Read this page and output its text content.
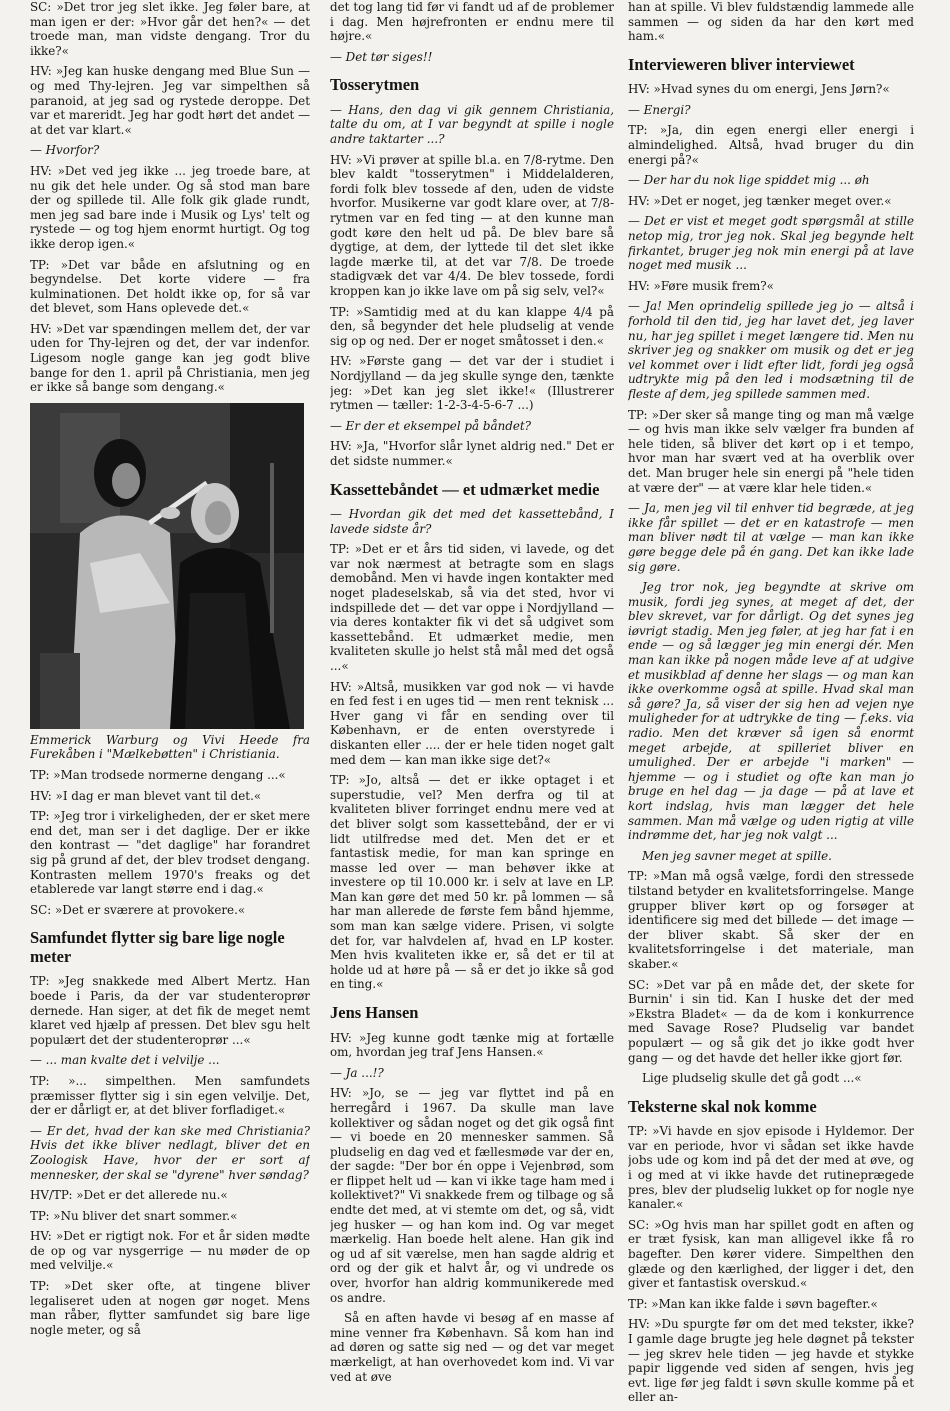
SC: »Det tror jeg slet ikke. Jeg føler bare, at man igen er der: »Hvor går det hen?« — det troede man, man vidste dengang. Tror du ikke?«

HV: »Jeg kan huske dengang med Blue Sun — og med Thy-lejren. Jeg var simpelthen så paranoid, at jeg sad og rystede deroppe. Det var et mareridt. Jeg har godt hørt det andet — at det var klart.«

— Hvorfor?

HV: »Det ved jeg ikke ... jeg troede bare, at nu gik det hele under. Og så stod man bare der og spillede til. Alle folk gik glade rundt, men jeg sad bare inde i Musik og Lys' telt og rystede — og tog hjem enormt hurtigt. Og tog ikke derop igen.«

TP: »Det var både en afslutning og en begyndelse. Det korte videre — fra kulminationen. Det holdt ikke op, for så var det blevet, som Hans oplevede det.«

HV: »Det var spændingen mellem det, der var uden for Thy-lejren og det, der var indenfor. Ligesom nogle gange kan jeg godt blive bange for den 1. april på Christiania, men jeg er ikke så bange som dengang.«

Emmerick Warburg og Vivi Heede fra Furekåben i "Mælkebøtten" i Christiania.

TP: »Man trodsede normerne dengang ...«

HV: »I dag er man blevet vant til det.«

TP: »Jeg tror i virkeligheden, der er sket mere end det, man ser i det daglige. Der er ikke den kontrast — "det daglige" har forandret sig på grund af det, der blev trodset dengang. Kontrasten mellem 1970's freaks og det etablerede var langt større end i dag.«

SC: »Det er sværere at provokere.«

Samfundet flytter sig bare lige nogle meter

TP: »Jeg snakkede med Albert Mertz. Han boede i Paris, da der var studenteroprør dernede. Han siger, at det fik de meget nemt klaret ved hjælp af pressen. Det blev sgu helt populært det der studenteroprør ...«

— ... man kvalte det i velvilje ...

TP: »... simpelthen. Men samfundets præmisser flytter sig i sin egen velvilje. Det, der er dårligt er, at det bliver forfladiget.«

— Er det, hvad der kan ske med Christiania? Hvis det ikke bliver nedlagt, bliver det en Zoologisk Have, hvor der er sort af mennesker, der skal se "dyrene" hver søndag?

HV/TP: »Det er det allerede nu.«

TP: »Nu bliver det snart sommer.«

HV: »Det er rigtigt nok. For et år siden mødte de op og var nysgerrige — nu møder de op med velvilje.«

TP: »Det sker ofte, at tingene bliver legaliseret uden at nogen gør noget. Mens man råber, flytter samfundet sig bare lige nogle meter, og så

det tog lang tid før vi fandt ud af de problemer i dag. Men højrefronten er endnu mere til højre.«

— Det tør siges!!

Tosserytmen

— Hans, den dag vi gik gennem Christiania, talte du om, at I var begyndt at spille i nogle andre taktarter ...?

HV: »Vi prøver at spille bl.a. en 7/8-rytme. Den blev kaldt "tosserytmen" i Middelalderen, fordi folk blev tossede af den, uden de vidste hvorfor. Musikerne var godt klare over, at 7/8-rytmen var en fed ting — at den kunne man godt køre den helt ud på. De blev bare så dygtige, at dem, der lyttede til det slet ikke lagde mærke til, at det var 7/8. De troede stadigvæk det var 4/4. De blev tossede, fordi kroppen kan jo ikke lave om på sig selv, vel?«

TP: »Samtidig med at du kan klappe 4/4 på den, så begynder det hele pludselig at vende sig op og ned. Der er noget småtosset i den.«

HV: »Første gang — det var der i studiet i Nordjylland — da jeg skulle synge den, tænkte jeg: »Det kan jeg slet ikke!« (Illustrerer rytmen — tæller: 1-2-3-4-5-6-7 ...)

— Er der et eksempel på båndet?

HV: »Ja, "Hvorfor slår lynet aldrig ned." Det er det sidste nummer.«

Kassettebåndet — et udmærket medie

— Hvordan gik det med det kassettebånd, I lavede sidste år?

TP: »Det er et års tid siden, vi lavede, og det var nok nærmest at betragte som en slags demobånd. Men vi havde ingen kontakter med noget pladeselskab, så via det sted, hvor vi indspillede det — det var oppe i Nordjylland — via deres kontakter fik vi det så udgivet som kassettebånd. Et udmærket medie, men kvaliteten skulle jo helst stå mål med det også ...«

HV: »Altså, musikken var god nok — vi havde en fed fest i en uges tid — men rent teknisk ... Hver gang vi får en sending over til København, er de enten overstyrede i diskanten eller .... der er hele tiden noget galt med dem — kan man ikke sige det?«

TP: »Jo, altså — det er ikke optaget i et superstudie, vel? Men derfra og til at kvaliteten bliver forringet endnu mere ved at det bliver solgt som kassettebånd, der er vi lidt utilfredse med det. Men det er et fantastisk medie, for man kan springe en masse led over — man behøver ikke at investere op til 10.000 kr. i selv at lave en LP. Man kan gøre det med 50 kr. på lommen — så har man allerede de første fem bånd hjemme, som man kan sælge videre. Prisen, vi solgte det for, var halvdelen af, hvad en LP koster. Men hvis kvaliteten ikke er, så det er til at holde ud at høre på — så er det jo ikke så god en ting.«

Jens Hansen

HV: »Jeg kunne godt tænke mig at fortælle om, hvordan jeg traf Jens Hansen.«

— Ja ...!?

HV: »Jo, se — jeg var flyttet ind på en herregård i 1967. Da skulle man lave kollektiver og sådan noget og det gik også fint — vi boede en 20 mennesker sammen. Så pludselig en dag ved et fællesmøde var der en, der sagde: "Der bor én oppe i Vejenbrød, som er flippet helt ud — kan vi ikke tage ham med i kollektivet?" Vi snakkede frem og tilbage og så endte det med, at vi stemte om det, og så, vidt jeg husker — og han kom ind. Og var meget mærkelig. Han boede helt alene. Han gik ind og ud af sit værelse, men han sagde aldrig et ord og der gik et halvt år, og vi undrede os over, hvorfor han aldrig kommunikerede med os andre.

Så en aften havde vi besøg af en masse af mine venner fra København. Så kom han ind ad døren og satte sig ned — og det var meget mærkeligt, at han overhovedet kom ind. Vi var ved at øve

han at spille. Vi blev fuldstændig lammede alle sammen — og siden da har den kørt med ham.«

Intervieweren bliver interviewet

HV: »Hvad synes du om energi, Jens Jørn?«

— Energi?

TP: »Ja, din egen energi eller energi i almindelighed. Altså, hvad bruger du din energi på?«

— Der har du nok lige spiddet mig ... øh

HV: »Det er noget, jeg tænker meget over.«

— Det er vist et meget godt spørgsmål at stille netop mig, tror jeg nok. Skal jeg begynde helt firkantet, bruger jeg nok min energi på at lave noget med musik ...

HV: »Føre musik frem?«

— Ja! Men oprindelig spillede jeg jo — altså i forhold til den tid, jeg har lavet det, jeg laver nu, har jeg spillet i meget længere tid. Men nu skriver jeg og snakker om musik og det er jeg vel kommet over i lidt efter lidt, fordi jeg også udtrykte mig på den led i modsætning til de fleste af dem, jeg spillede sammen med.

TP: »Der sker så mange ting og man må vælge — og hvis man ikke selv vælger fra bunden af hele tiden, så bliver det kørt op i et tempo, hvor man har svært ved at ha overblik over det. Man bruger hele sin energi på "hele tiden at være der" — at være klar hele tiden.«

— Ja, men jeg vil til enhver tid begræde, at jeg ikke får spillet — det er en katastrofe — men man bliver nødt til at vælge — man kan ikke gøre begge dele på én gang. Det kan ikke lade sig gøre.

Jeg tror nok, jeg begyndte at skrive om musik, fordi jeg synes, at meget af det, der blev skrevet, var for dårligt. Og det synes jeg iøvrigt stadig. Men jeg føler, at jeg har fat i en ende — og så lægger jeg min energi dér. Men man kan ikke på nogen måde leve af at udgive et musikblad af denne her slags — og man kan ikke overkomme også at spille. Hvad skal man så gøre? Ja, så viser der sig hen ad vejen nye muligheder for at udtrykke de ting — f.eks. via radio. Men det kræver så igen så enormt meget arbejde, at spilleriet bliver en umulighed. Der er arbejde "i marken" — hjemme — og i studiet og ofte kan man jo bruge en hel dag — ja dage — på at lave et kort indslag, hvis man lægger det hele sammen. Man må vælge og uden rigtig at ville indrømme det, har jeg nok valgt ...

Men jeg savner meget at spille.

TP: »Man må også vælge, fordi den stressede tilstand betyder en kvalitetsforringelse. Mange grupper bliver kørt op og forsøger at identificere sig med det billede — det image — der bliver skabt. Så sker der en kvalitetsforringelse i det materiale, man skaber.«

SC: »Det var på en måde det, der skete for Burnin' i sin tid. Kan I huske det der med »Ekstra Bladet« — da de kom i konkurrence med Savage Rose? Pludselig var bandet populært — og så gik det jo ikke godt hver gang — og det havde det heller ikke gjort før.

Lige pludselig skulle det gå godt ...«

Teksterne skal nok komme

TP: »Vi havde en sjov episode i Hyldemor. Der var en periode, hvor vi sådan set ikke havde jobs ude og kom ind på det der med at øve, og i og med at vi ikke havde det rutineprægede pres, blev der pludselig lukket op for nogle nye kanaler.«

SC: »Og hvis man har spillet godt en aften og er træt fysisk, kan man alligevel ikke få ro bagefter. Den kører videre. Simpelthen den glæde og den kærlighed, der ligger i det, den giver et fantastisk overskud.«

TP: »Man kan ikke falde i søvn bagefter.«

HV: »Du spurgte før om det med tekster, ikke? I gamle dage brugte jeg hele døgnet på tekster — jeg skrev hele tiden — jeg havde et stykke papir liggende ved siden af sengen, hvis jeg evt. lige før jeg faldt i søvn skulle komme på et eller an-
